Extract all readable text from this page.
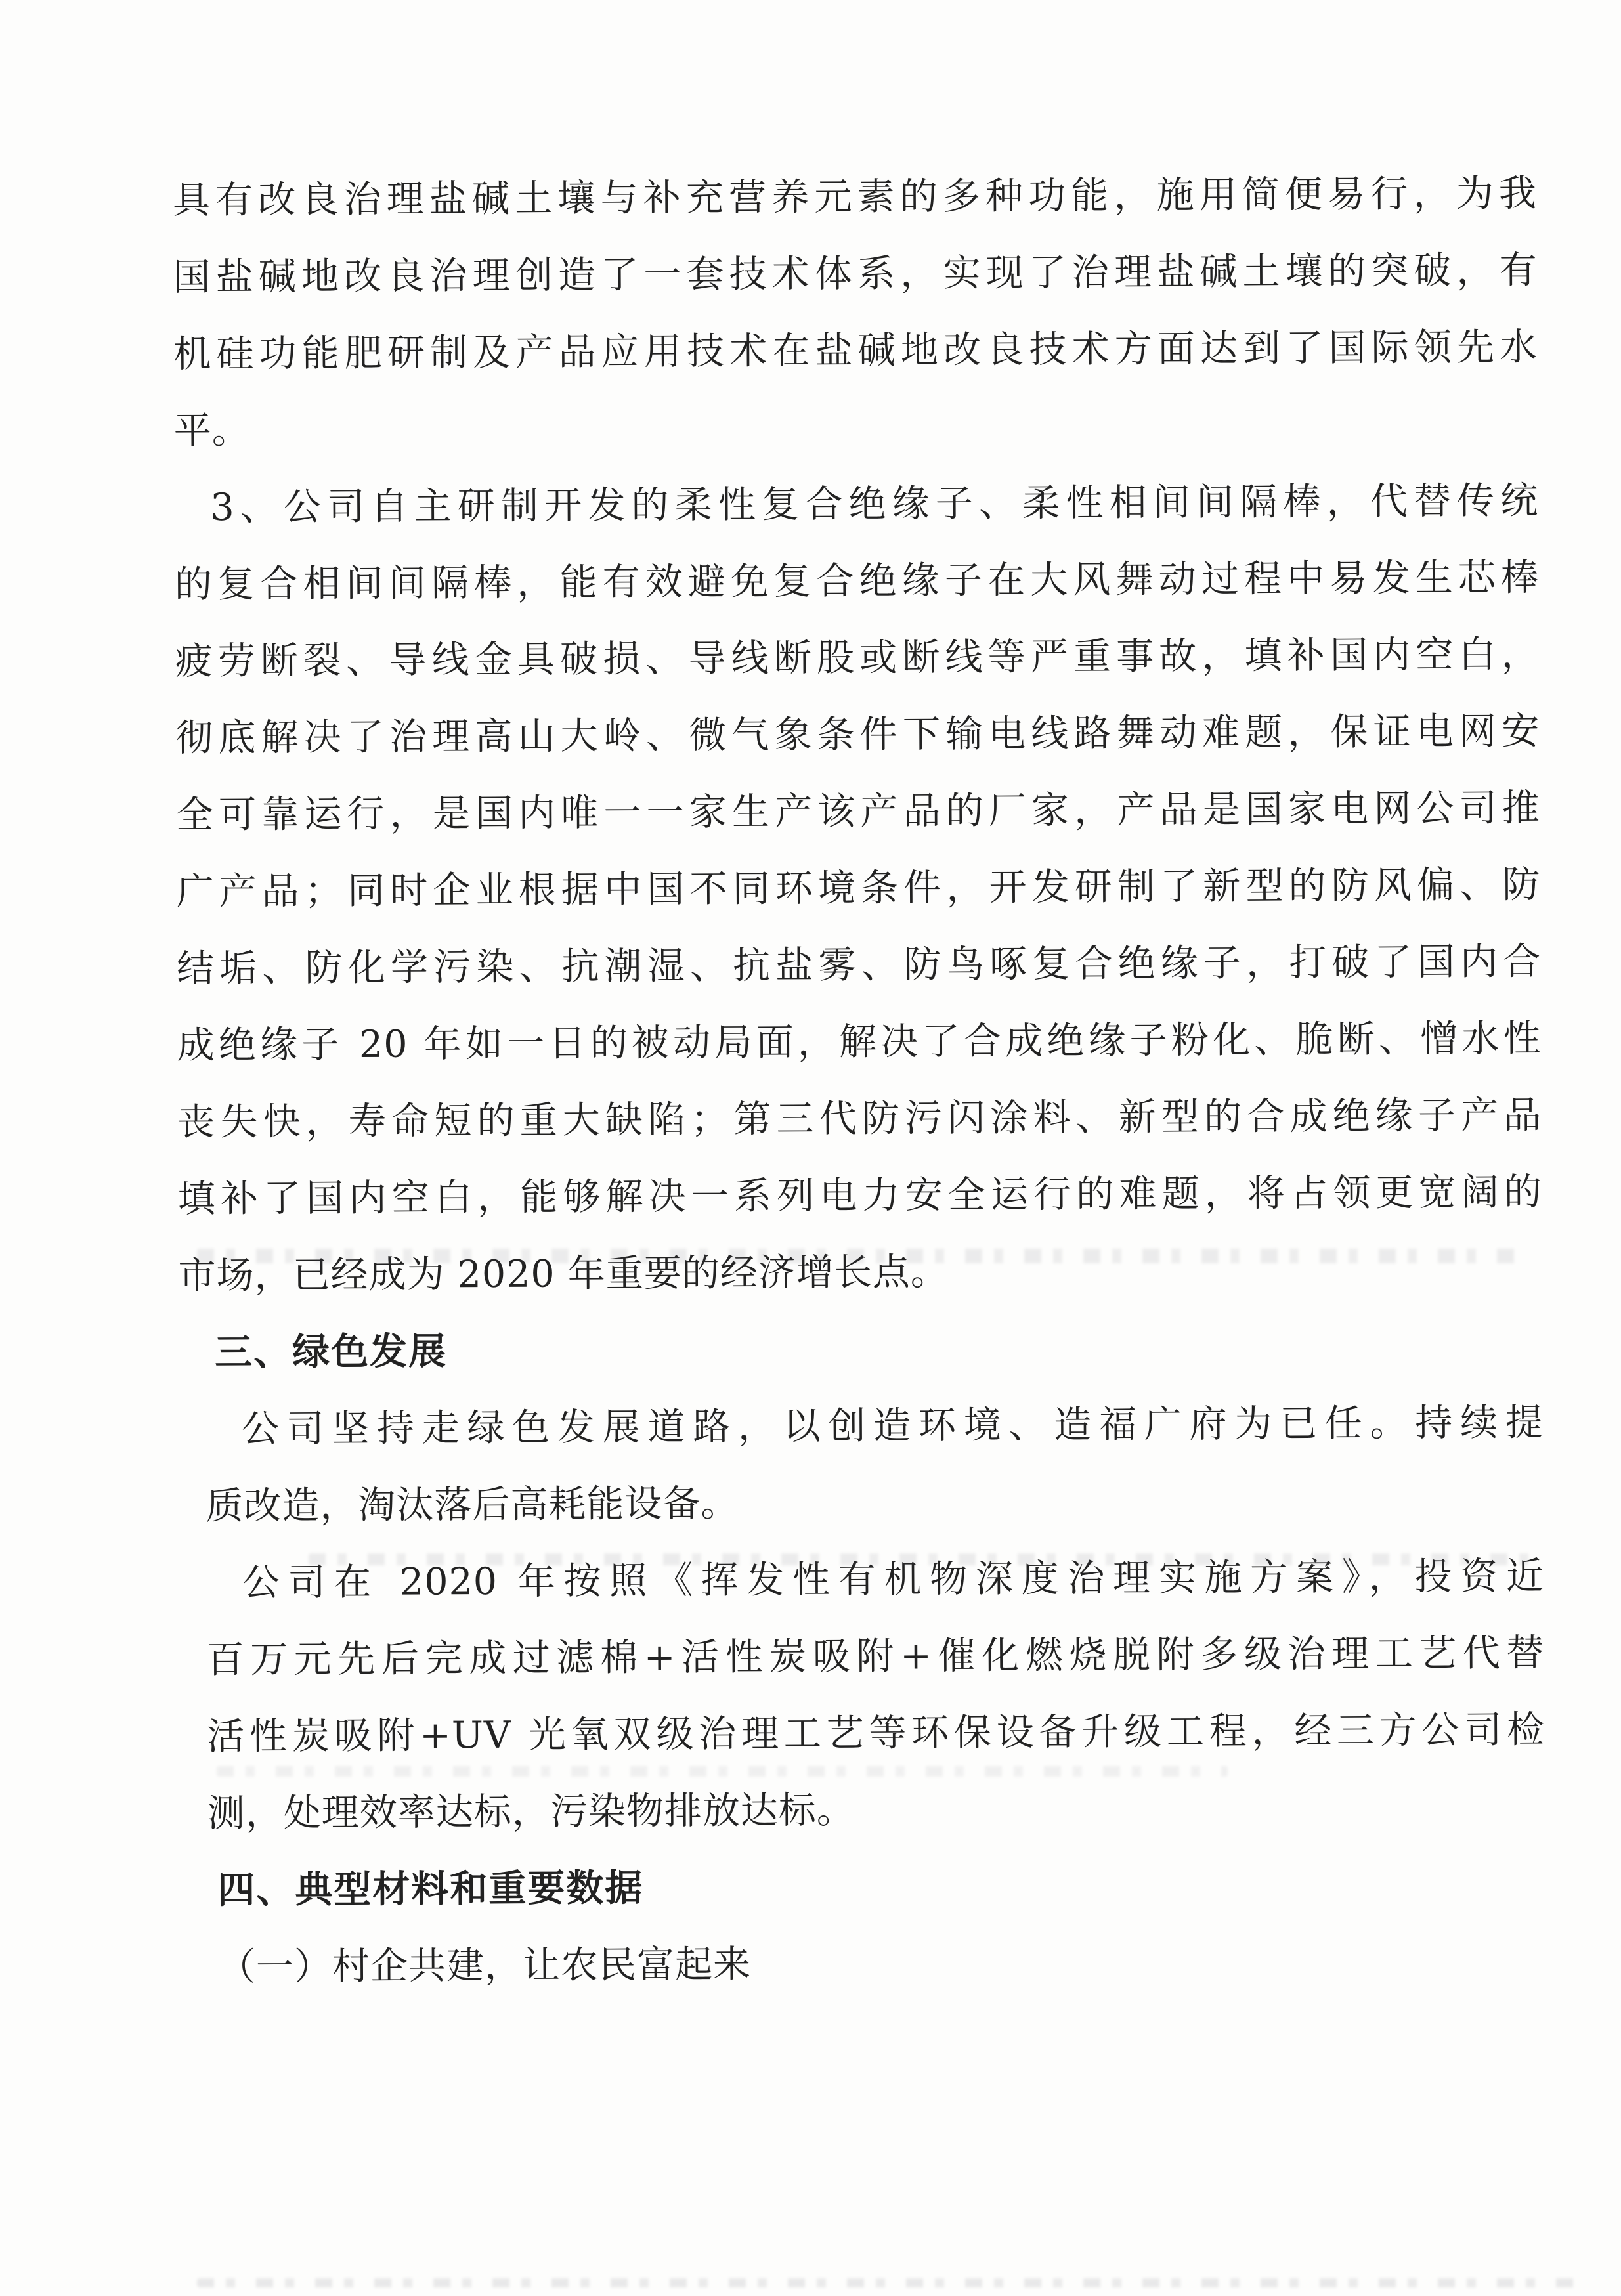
具有改良治理盐碱土壤与补充营养元素的多种功能，施用简便易行，为我
国盐碱地改良治理创造了一套技术体系，实现了治理盐碱土壤的突破，有
机硅功能肥研制及产品应用技术在盐碱地改良技术方面达到了国际领先水
平。
3、公司自主研制开发的柔性复合绝缘子、柔性相间间隔棒，代替传统
的复合相间间隔棒，能有效避免复合绝缘子在大风舞动过程中易发生芯棒
疲劳断裂、导线金具破损、导线断股或断线等严重事故，填补国内空白，
彻底解决了治理高山大岭、微气象条件下输电线路舞动难题，保证电网安
全可靠运行，是国内唯一一家生产该产品的厂家，产品是国家电网公司推
广产品；同时企业根据中国不同环境条件，开发研制了新型的防风偏、防
结垢、防化学污染、抗潮湿、抗盐雾、防鸟啄复合绝缘子，打破了国内合
成绝缘子 20 年如一日的被动局面，解决了合成绝缘子粉化、脆断、憎水性
丧失快，寿命短的重大缺陷；第三代防污闪涂料、新型的合成绝缘子产品
填补了国内空白，能够解决一系列电力安全运行的难题，将占领更宽阔的
市场，已经成为 2020 年重要的经济增长点。
三、绿色发展
公司坚持走绿色发展道路，以创造环境、造福广府为已任。持续提
质改造，淘汰落后高耗能设备。
公司在 2020 年按照《挥发性有机物深度治理实施方案》，投资近
百万元先后完成过滤棉+活性炭吸附+催化燃烧脱附多级治理工艺代替
活性炭吸附+UV 光氧双级治理工艺等环保设备升级工程，经三方公司检
测，处理效率达标，污染物排放达标。
四、典型材料和重要数据
（一）村企共建，让农民富起来
